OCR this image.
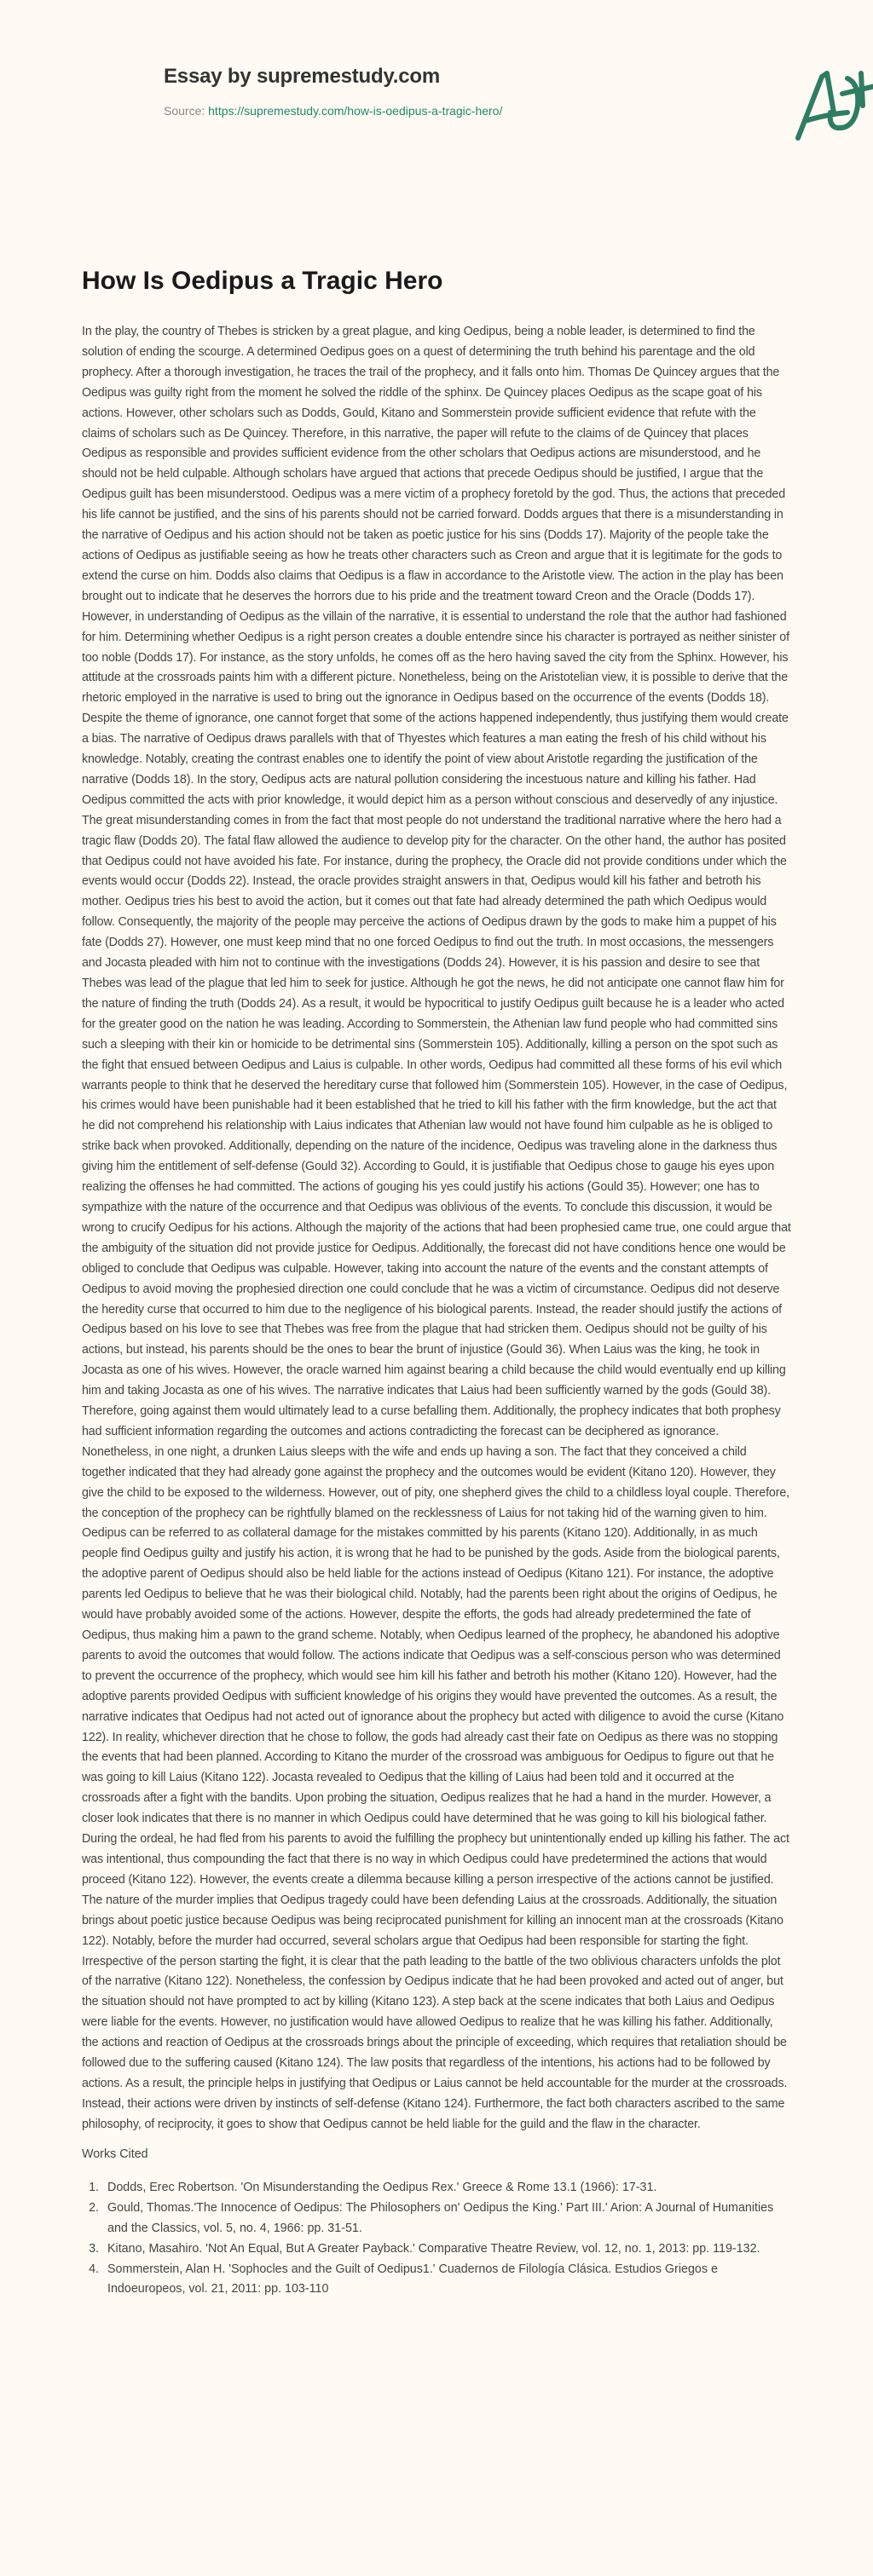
Essay by supremestudy.com
Source: https://supremestudy.com/how-is-oedipus-a-tragic-hero/
How Is Oedipus a Tragic Hero

In the play, the country of Thebes is stricken by a great plague, and king Oedipus, being a noble leader, is determined to find the solution of ending the scourge. A determined Oedipus goes on a quest of determining the truth behind his parentage and the old prophecy. After a thorough investigation, he traces the trail of the prophecy, and it falls onto him. Thomas De Quincey argues that the Oedipus was guilty right from the moment he solved the riddle of the sphinx. De Quincey places Oedipus as the scape goat of his actions. However, other scholars such as Dodds, Gould, Kitano and Sommerstein provide sufficient evidence that refute with the claims of scholars such as De Quincey. Therefore, in this narrative, the paper will refute to the claims of de Quincey that places Oedipus as responsible and provides sufficient evidence from the other scholars that Oedipus actions are misunderstood, and he should not be held culpable. Although scholars have argued that actions that precede Oedipus should be justified, I argue that the Oedipus guilt has been misunderstood. Oedipus was a mere victim of a prophecy foretold by the god. Thus, the actions that preceded his life cannot be justified, and the sins of his parents should not be carried forward. Dodds argues that there is a misunderstanding in the narrative of Oedipus and his action should not be taken as poetic justice for his sins (Dodds 17). Majority of the people take the actions of Oedipus as justifiable seeing as how he treats other characters such as Creon and argue that it is legitimate for the gods to extend the curse on him. Dodds also claims that Oedipus is a flaw in accordance to the Aristotle view. The action in the play has been brought out to indicate that he deserves the horrors due to his pride and the treatment toward Creon and the Oracle (Dodds 17). However, in understanding of Oedipus as the villain of the narrative, it is essential to understand the role that the author had fashioned for him. Determining whether Oedipus is a right person creates a double entendre since his character is portrayed as neither sinister of too noble (Dodds 17). For instance, as the story unfolds, he comes off as the hero having saved the city from the Sphinx. However, his attitude at the crossroads paints him with a different picture. Nonetheless, being on the Aristotelian view, it is possible to derive that the rhetoric employed in the narrative is used to bring out the ignorance in Oedipus based on the occurrence of the events (Dodds 18). Despite the theme of ignorance, one cannot forget that some of the actions happened independently, thus justifying them would create a bias. The narrative of Oedipus draws parallels with that of Thyestes which features a man eating the fresh of his child without his knowledge. Notably, creating the contrast enables one to identify the point of view about Aristotle regarding the justification of the narrative (Dodds 18). In the story, Oedipus acts are natural pollution considering the incestuous nature and killing his father. Had Oedipus committed the acts with prior knowledge, it would depict him as a person without conscious and deservedly of any injustice. The great misunderstanding comes in from the fact that most people do not understand the traditional narrative where the hero had a tragic flaw (Dodds 20). The fatal flaw allowed the audience to develop pity for the character. On the other hand, the author has posited that Oedipus could not have avoided his fate. For instance, during the prophecy, the Oracle did not provide conditions under which the events would occur (Dodds 22). Instead, the oracle provides straight answers in that, Oedipus would kill his father and betroth his mother. Oedipus tries his best to avoid the action, but it comes out that fate had already determined the path which Oedipus would follow. Consequently, the majority of the people may perceive the actions of Oedipus drawn by the gods to make him a puppet of his fate (Dodds 27). However, one must keep mind that no one forced Oedipus to find out the truth. In most occasions, the messengers and Jocasta pleaded with him not to continue with the investigations (Dodds 24). However, it is his passion and desire to see that Thebes was lead of the plague that led him to seek for justice. Although he got the news, he did not anticipate one cannot flaw him for the nature of finding the truth (Dodds 24). As a result, it would be hypocritical to justify Oedipus guilt because he is a leader who acted for the greater good on the nation he was leading. According to Sommerstein, the Athenian law fund people who had committed sins such a sleeping with their kin or homicide to be detrimental sins (Sommerstein 105). Additionally, killing a person on the spot such as the fight that ensued between Oedipus and Laius is culpable. In other words, Oedipus had committed all these forms of his evil which warrants people to think that he deserved the hereditary curse that followed him (Sommerstein 105). However, in the case of Oedipus, his crimes would have been punishable had it been established that he tried to kill his father with the firm knowledge, but the act that he did not comprehend his relationship with Laius indicates that Athenian law would not have found him culpable as he is obliged to strike back when provoked. Additionally, depending on the nature of the incidence, Oedipus was traveling alone in the darkness thus giving him the entitlement of self-defense (Gould 32). According to Gould, it is justifiable that Oedipus chose to gauge his eyes upon realizing the offenses he had committed. The actions of gouging his yes could justify his actions (Gould 35). However; one has to sympathize with the nature of the occurrence and that Oedipus was oblivious of the events. To conclude this discussion, it would be wrong to crucify Oedipus for his actions. Although the majority of the actions that had been prophesied came true, one could argue that the ambiguity of the situation did not provide justice for Oedipus. Additionally, the forecast did not have conditions hence one would be obliged to conclude that Oedipus was culpable. However, taking into account the nature of the events and the constant attempts of Oedipus to avoid moving the prophesied direction one could conclude that he was a victim of circumstance. Oedipus did not deserve the heredity curse that occurred to him due to the negligence of his biological parents. Instead, the reader should justify the actions of Oedipus based on his love to see that Thebes was free from the plague that had stricken them. Oedipus should not be guilty of his actions, but instead, his parents should be the ones to bear the brunt of injustice (Gould 36). When Laius was the king, he took in Jocasta as one of his wives. However, the oracle warned him against bearing a child because the child would eventually end up killing him and taking Jocasta as one of his wives. The narrative indicates that Laius had been sufficiently warned by the gods (Gould 38). Therefore, going against them would ultimately lead to a curse befalling them. Additionally, the prophecy indicates that both prophesy had sufficient information regarding the outcomes and actions contradicting the forecast can be deciphered as ignorance. Nonetheless, in one night, a drunken Laius sleeps with the wife and ends up having a son. The fact that they conceived a child together indicated that they had already gone against the prophecy and the outcomes would be evident (Kitano 120). However, they give the child to be exposed to the wilderness. However, out of pity, one shepherd gives the child to a childless loyal couple. Therefore, the conception of the prophecy can be rightfully blamed on the recklessness of Laius for not taking hid of the warning given to him. Oedipus can be referred to as collateral damage for the mistakes committed by his parents (Kitano 120). Additionally, in as much people find Oedipus guilty and justify his action, it is wrong that he had to be punished by the gods. Aside from the biological parents, the adoptive parent of Oedipus should also be held liable for the actions instead of Oedipus (Kitano 121). For instance, the adoptive parents led Oedipus to believe that he was their biological child. Notably, had the parents been right about the origins of Oedipus, he would have probably avoided some of the actions. However, despite the efforts, the gods had already predetermined the fate of Oedipus, thus making him a pawn to the grand scheme. Notably, when Oedipus learned of the prophecy, he abandoned his adoptive parents to avoid the outcomes that would follow. The actions indicate that Oedipus was a self-conscious person who was determined to prevent the occurrence of the prophecy, which would see him kill his father and betroth his mother (Kitano 120). However, had the adoptive parents provided Oedipus with sufficient knowledge of his origins they would have prevented the outcomes. As a result, the narrative indicates that Oedipus had not acted out of ignorance about the prophecy but acted with diligence to avoid the curse (Kitano 122). In reality, whichever direction that he chose to follow, the gods had already cast their fate on Oedipus as there was no stopping the events that had been planned. According to Kitano the murder of the crossroad was ambiguous for Oedipus to figure out that he was going to kill Laius (Kitano 122). Jocasta revealed to Oedipus that the killing of Laius had been told and it occurred at the crossroads after a fight with the bandits. Upon probing the situation, Oedipus realizes that he had a hand in the murder. However, a closer look indicates that there is no manner in which Oedipus could have determined that he was going to kill his biological father. During the ordeal, he had fled from his parents to avoid the fulfilling the prophecy but unintentionally ended up killing his father. The act was intentional, thus compounding the fact that there is no way in which Oedipus could have predetermined the actions that would proceed (Kitano 122). However, the events create a dilemma because killing a person irrespective of the actions cannot be justified. The nature of the murder implies that Oedipus tragedy could have been defending Laius at the crossroads. Additionally, the situation brings about poetic justice because Oedipus was being reciprocated punishment for killing an innocent man at the crossroads (Kitano 122). Notably, before the murder had occurred, several scholars argue that Oedipus had been responsible for starting the fight. Irrespective of the person starting the fight, it is clear that the path leading to the battle of the two oblivious characters unfolds the plot of the narrative (Kitano 122). Nonetheless, the confession by Oedipus indicate that he had been provoked and acted out of anger, but the situation should not have prompted to act by killing (Kitano 123). A step back at the scene indicates that both Laius and Oedipus were liable for the events. However, no justification would have allowed Oedipus to realize that he was killing his father. Additionally, the actions and reaction of Oedipus at the crossroads brings about the principle of exceeding, which requires that retaliation should be followed due to the suffering caused (Kitano 124). The law posits that regardless of the intentions, his actions had to be followed by actions. As a result, the principle helps in justifying that Oedipus or Laius cannot be held accountable for the murder at the crossroads. Instead, their actions were driven by instincts of self-defense (Kitano 124). Furthermore, the fact both characters ascribed to the same philosophy, of reciprocity, it goes to show that Oedipus cannot be held liable for the guild and the flaw in the character.

Works Cited
1. Dodds, Erec Robertson. 'On Misunderstanding the Oedipus Rex.' Greece & Rome 13.1 (1966): 17-31.
2. Gould, Thomas.'The Innocence of Oedipus: The Philosophers on' Oedipus the King.' Part III.' Arion: A Journal of Humanities and the Classics, vol. 5, no. 4, 1966: pp. 31-51.
3. Kitano, Masahiro. 'Not An Equal, But A Greater Payback.' Comparative Theatre Review, vol. 12, no. 1, 2013: pp. 119-132.
4. Sommerstein, Alan H. 'Sophocles and the Guilt of Oedipus1.' Cuadernos de Filología Clásica. Estudios Griegos e Indoeuropeos, vol. 21, 2011: pp. 103-110
